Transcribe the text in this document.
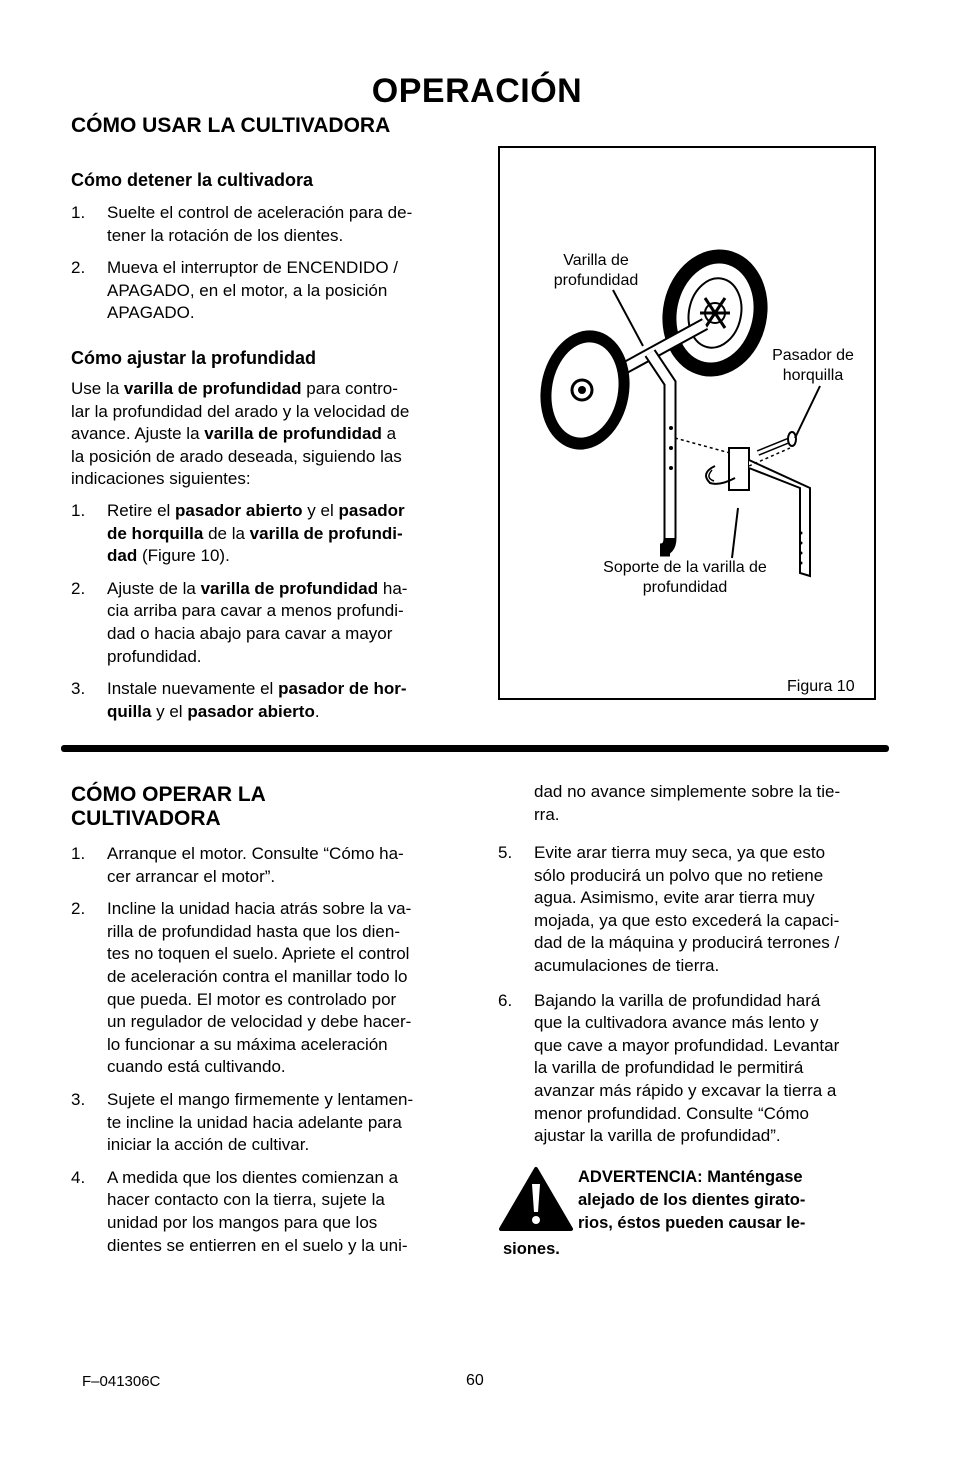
OPERACIÓN
CÓMO USAR LA CULTIVADORA
Cómo detener la cultivadora
1. Suelte el control de aceleración para de-
tener la rotación de los dientes.
2. Mueva el interruptor de ENCENDIDO /
APAGADO, en el motor, a la posición
APAGADO.
Cómo ajustar la profundidad
Use la varilla de profundidad para contro-
lar la profundidad del arado y la velocidad de
avance. Ajuste la varilla de profundidad a
la posición de arado deseada, siguiendo las
indicaciones siguientes:
1. Retire el pasador abierto y el pasador
de horquilla de la varilla de profundi-
dad (Figure 10).
2. Ajuste de la varilla de profundidad ha-
cia arriba para cavar a menos profundi-
dad o hacia abajo para cavar a mayor
profundidad.
3. Instale nuevamente el pasador de hor-
quilla y el pasador abierto.
Varilla de
profundidad
Pasador de
horquilla
Soporte de la varilla de
profundidad
Figura 10
CÓMO OPERAR LA
CULTIVADORA
1. Arranque el motor. Consulte “Cómo ha-
cer arrancar el motor”.
2. Incline la unidad hacia atrás sobre la va-
rilla de profundidad hasta que los dien-
tes no toquen el suelo. Apriete el control
de aceleración contra el manillar todo lo
que pueda. El motor es controlado por
un regulador de velocidad y debe hacer-
lo funcionar a su máxima aceleración
cuando está cultivando.
3. Sujete el mango firmemente y lentamen-
te incline la unidad hacia adelante para
iniciar la acción de cultivar.
4. A medida que los dientes comienzan a
hacer contacto con la tierra, sujete la
unidad por los mangos para que los
dientes se entierren en el suelo y la uni-
dad no avance simplemente sobre la tie-
rra.
5. Evite arar tierra muy seca, ya que esto
sólo producirá un polvo que no retiene
agua. Asimismo, evite arar tierra muy
mojada, ya que esto excederá la capaci-
dad de la máquina y producirá terrones /
acumulaciones de tierra.
6. Bajando la varilla de profundidad hará
que la cultivadora avance más lento y
que cave a mayor profundidad. Levantar
la varilla de profundidad le permitirá
avanzar más rápido y excavar la tierra a
menor profundidad. Consulte “Cómo
ajustar la varilla de profundidad”.
ADVERTENCIA: Manténgase
alejado de los dientes girato-
rios, éstos pueden causar le-
siones.
F–041306C	60
